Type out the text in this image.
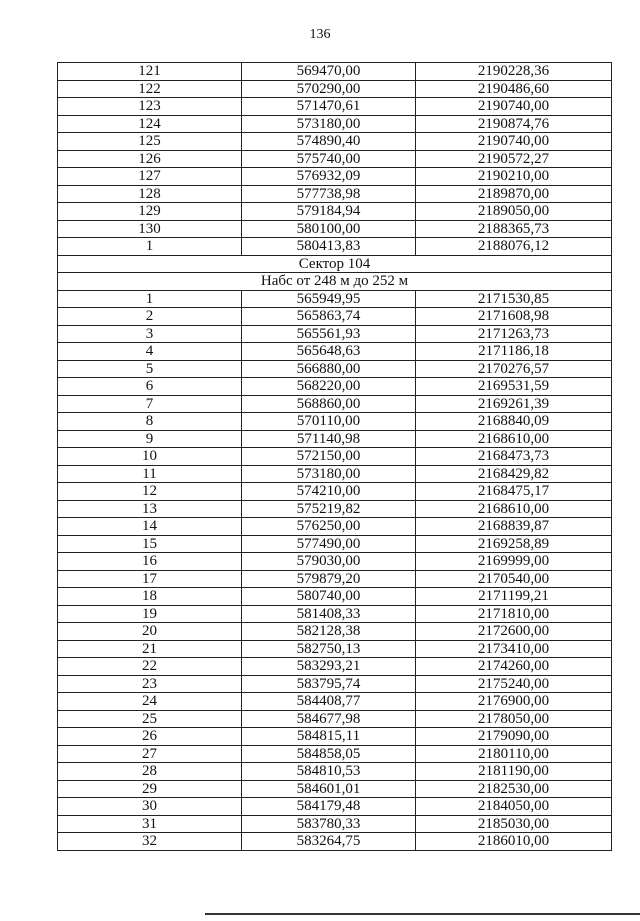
136
121	569470,00	2190228,36
122	570290,00	2190486,60
123	571470,61	2190740,00
124	573180,00	2190874,76
125	574890,40	2190740,00
126	575740,00	2190572,27
127	576932,09	2190210,00
128	577738,98	2189870,00
129	579184,94	2189050,00
130	580100,00	2188365,73
1	580413,83	2188076,12
Сектор 104		
Набс от 248 м до 252 м		
1	565949,95	2171530,85
2	565863,74	2171608,98
3	565561,93	2171263,73
4	565648,63	2171186,18
5	566880,00	2170276,57
6	568220,00	2169531,59
7	568860,00	2169261,39
8	570110,00	2168840,09
9	571140,98	2168610,00
10	572150,00	2168473,73
11	573180,00	2168429,82
12	574210,00	2168475,17
13	575219,82	2168610,00
14	576250,00	2168839,87
15	577490,00	2169258,89
16	579030,00	2169999,00
17	579879,20	2170540,00
18	580740,00	2171199,21
19	581408,33	2171810,00
20	582128,38	2172600,00
21	582750,13	2173410,00
22	583293,21	2174260,00
23	583795,74	2175240,00
24	584408,77	2176900,00
25	584677,98	2178050,00
26	584815,11	2179090,00
27	584858,05	2180110,00
28	584810,53	2181190,00
29	584601,01	2182530,00
30	584179,48	2184050,00
31	583780,33	2185030,00
32	583264,75	2186010,00
